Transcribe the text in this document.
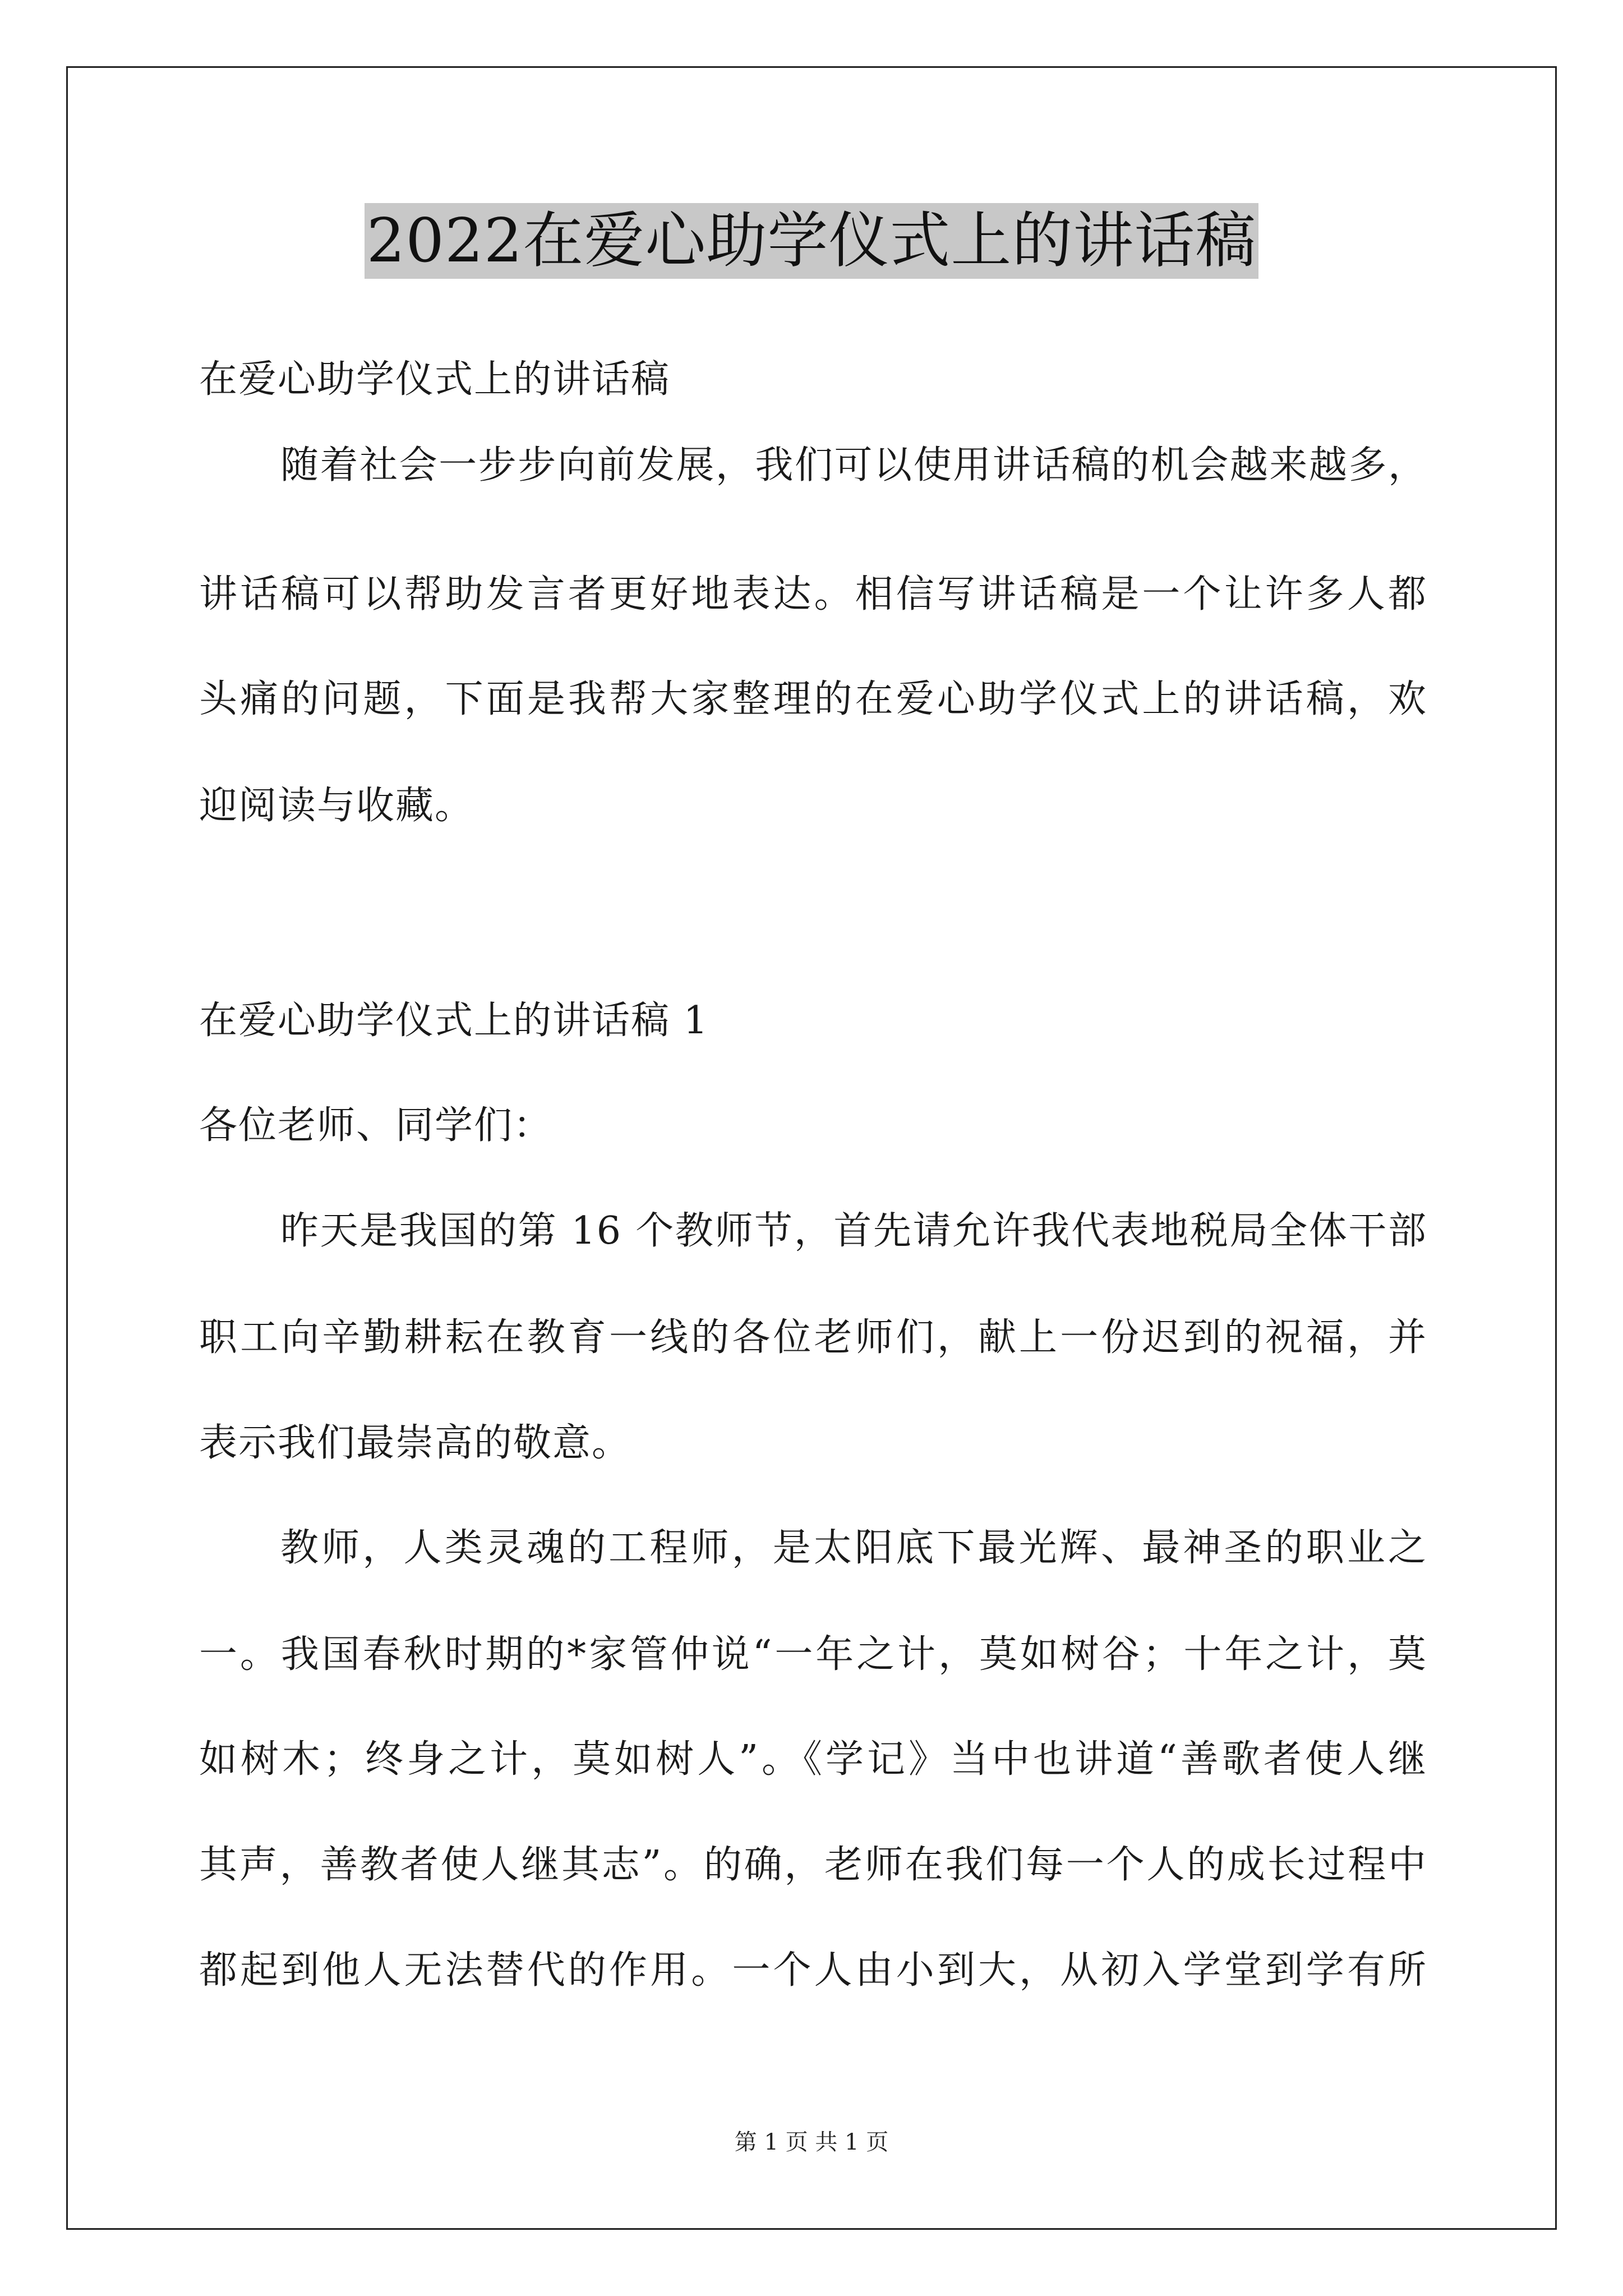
2022在爱心助学仪式上的讲话稿
在爱心助学仪式上的讲话稿
随着社会一步步向前发展，我们可以使用讲话稿的机会越来越多，
讲话稿可以帮助发言者更好地表达。相信写讲话稿是一个让许多人都
头痛的问题，下面是我帮大家整理的在爱心助学仪式上的讲话稿，欢
迎阅读与收藏。
在爱心助学仪式上的讲话稿 1
各位老师、同学们：
昨天是我国的第 16 个教师节，首先请允许我代表地税局全体干部
职工向辛勤耕耘在教育一线的各位老师们，献上一份迟到的祝福，并
表示我们最崇高的敬意。
教师，人类灵魂的工程师，是太阳底下最光辉、最神圣的职业之
一。我国春秋时期的*家管仲说“一年之计，莫如树谷；十年之计，莫
如树木；终身之计，莫如树人”。《学记》当中也讲道“善歌者使人继
其声，善教者使人继其志”。的确，老师在我们每一个人的成长过程中
都起到他人无法替代的作用。一个人由小到大，从初入学堂到学有所
第 1 页 共 1 页
